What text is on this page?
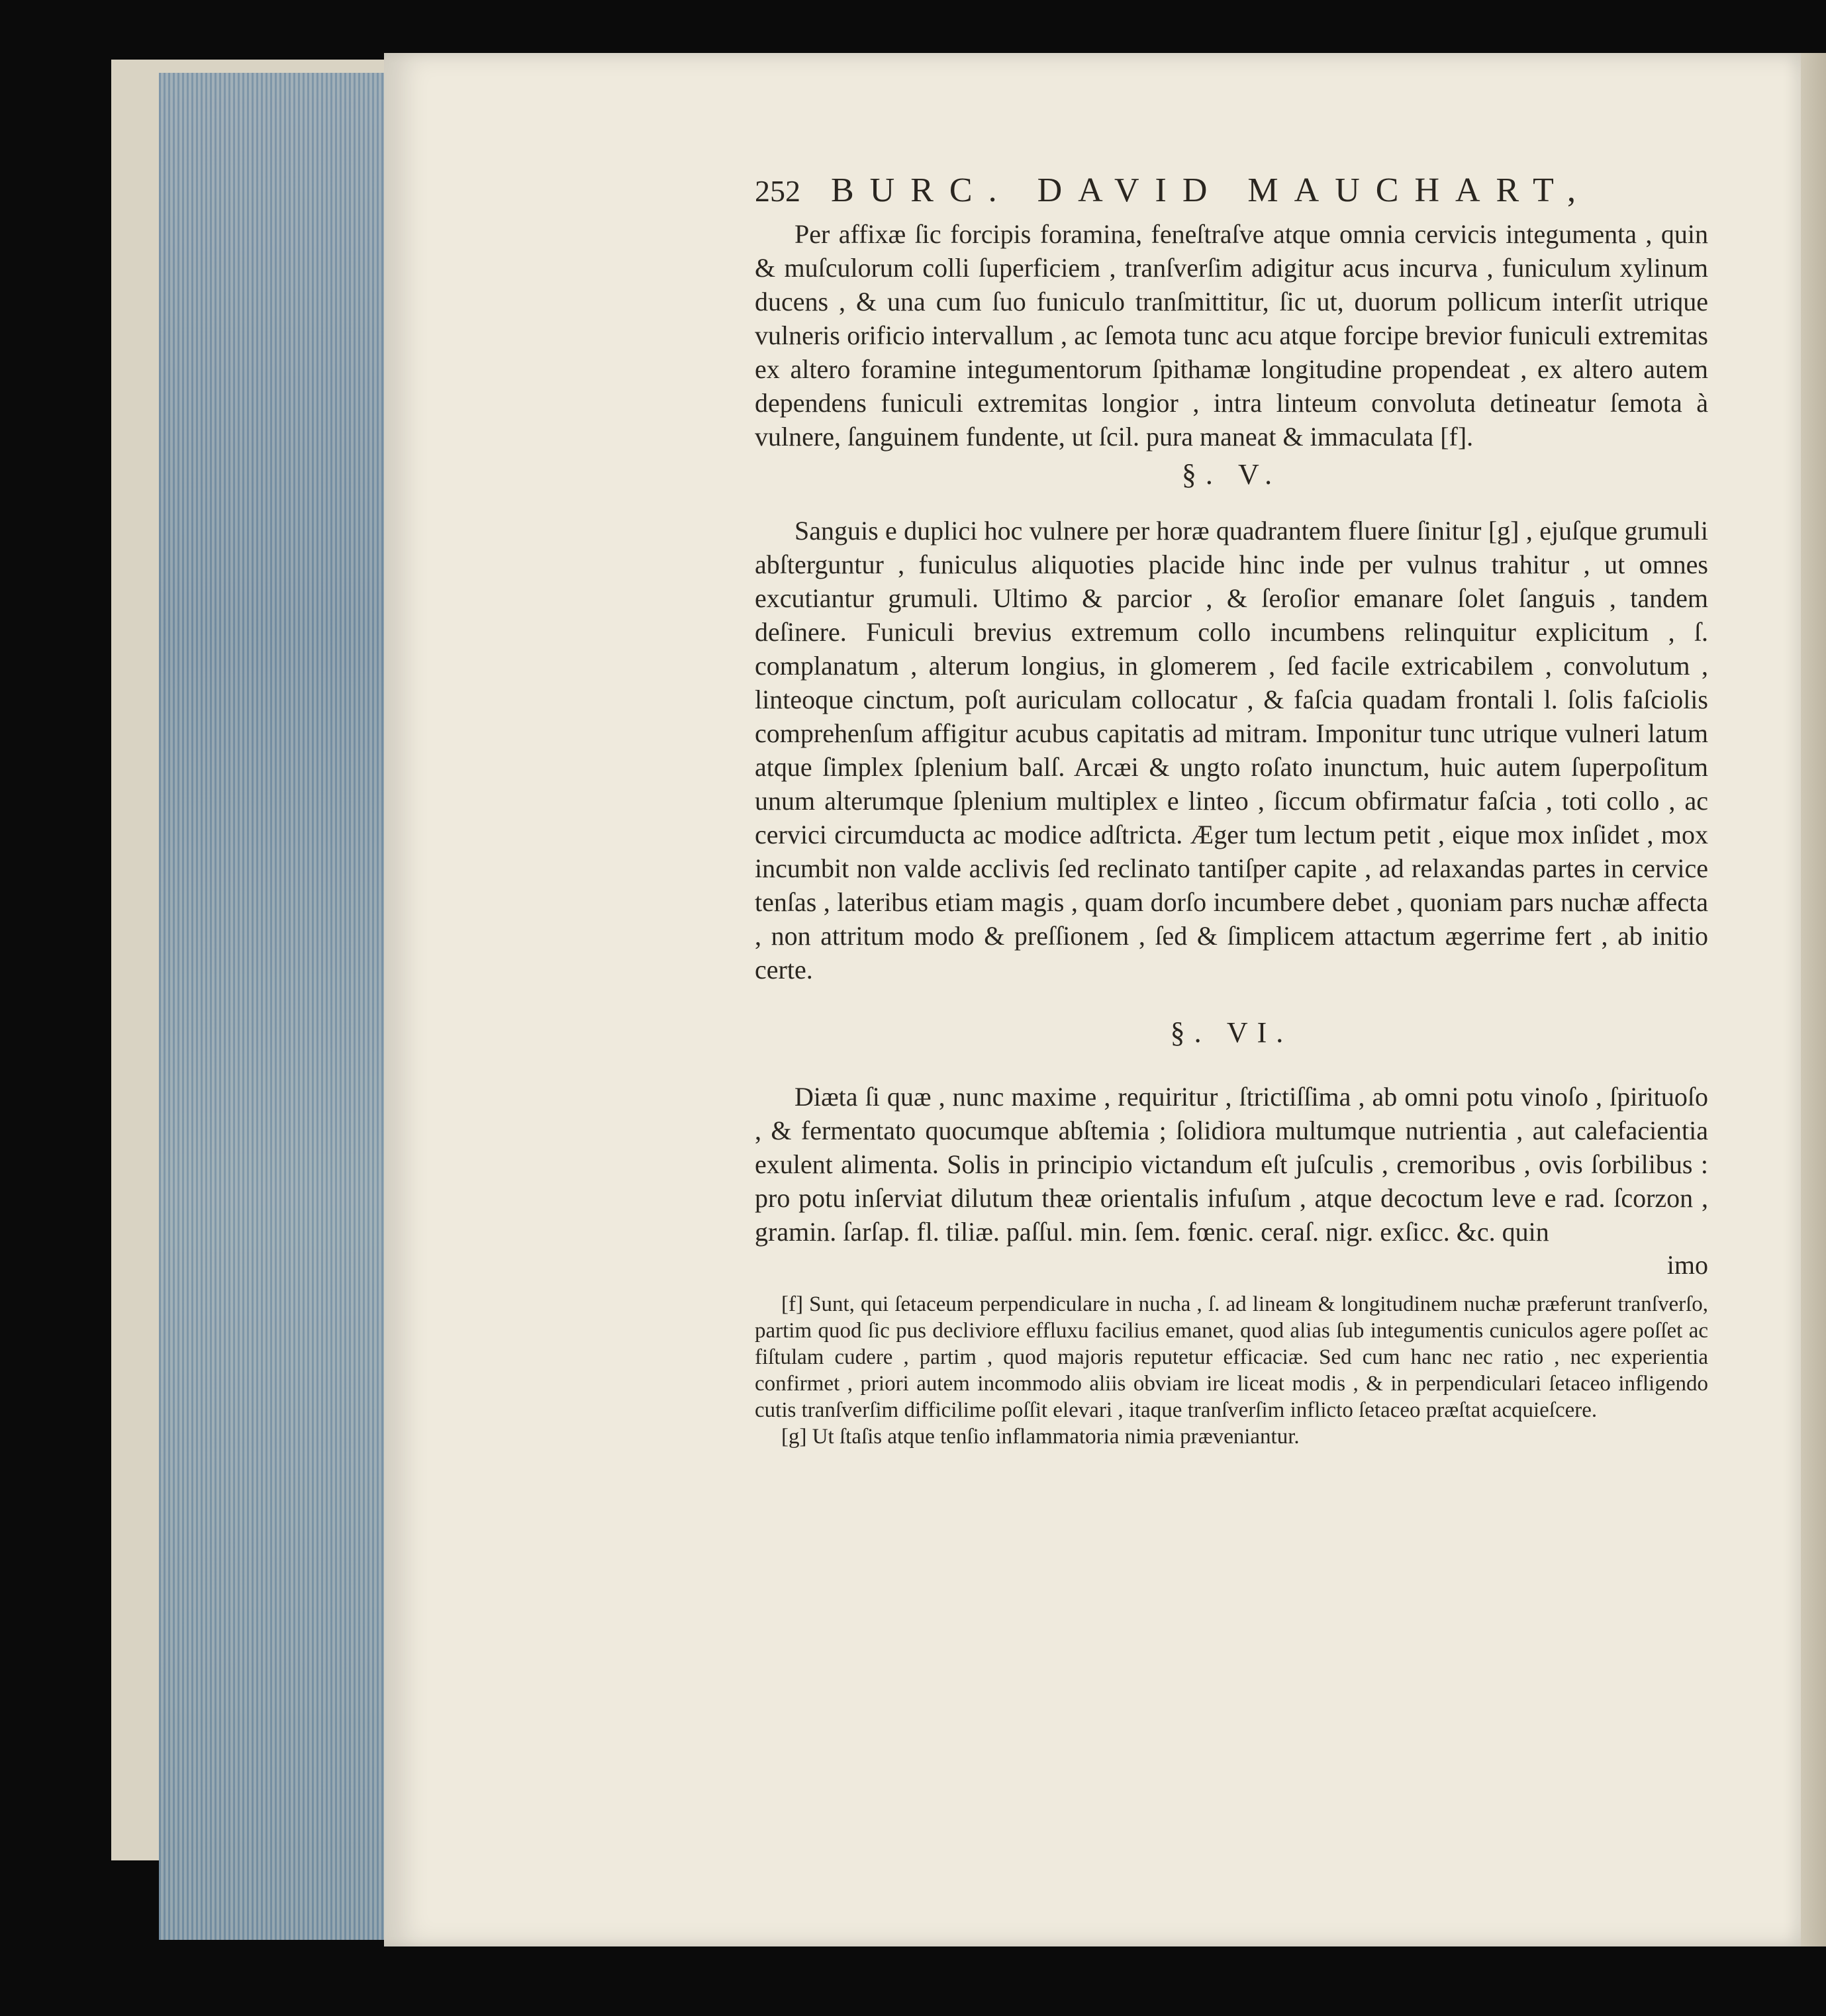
252 BURC. DAVID MAUCHART,

Per affixæ ſic forcipis foramina, feneſtraſve atque omnia cervicis integumenta , quin & muſculorum colli ſuperficiem , tranſverſim adigitur acus incurva , funiculum xylinum ducens , & una cum ſuo funiculo tranſmittitur, ſic ut, duorum pollicum interſit utrique vulneris orificio intervallum , ac ſemota tunc acu atque forcipe brevior funiculi extremitas ex altero foramine integumentorum ſpithamæ longitudine propendeat , ex altero autem dependens funiculi extremitas longior , intra linteum convoluta detineatur ſemota à vulnere, ſanguinem fundente, ut ſcil. pura maneat & immaculata [f].

§. V.

Sanguis e duplici hoc vulnere per horæ quadrantem fluere ſinitur [g] , ejuſque grumuli abſterguntur , funiculus aliquoties placide hinc inde per vulnus trahitur , ut omnes excutiantur grumuli. Ultimo & parcior , & ſeroſior emanare ſolet ſanguis , tandem deſinere. Funiculi brevius extremum collo incumbens relinquitur explicitum , ſ. complanatum , alterum longius, in glomerem , ſed facile extricabilem , convolutum , linteoque cinctum, poſt auriculam collocatur , & faſcia quadam frontali l. ſolis faſciolis comprehenſum affigitur acubus capitatis ad mitram. Imponitur tunc utrique vulneri latum atque ſimplex ſplenium balſ. Arcæi & ungto roſato inunctum, huic autem ſuperpoſitum unum alterumque ſplenium multiplex e linteo , ſiccum obfirmatur faſcia , toti collo , ac cervici circumducta ac modice adſtricta. Æger tum lectum petit , eique mox inſidet , mox incumbit non valde acclivis ſed reclinato tantiſper capite , ad relaxandas partes in cervice tenſas , lateribus etiam magis , quam dorſo incumbere debet , quoniam pars nuchæ affecta , non attritum modo & preſſionem , ſed & ſimplicem attactum ægerrime fert , ab initio certe.

§. VI.

Diæta ſi quæ , nunc maxime , requiritur , ſtrictiſſima , ab omni potu vinoſo , ſpirituoſo , & fermentato quocumque abſtemia ; ſolidiora multumque nutrientia , aut calefacientia exulent alimenta. Solis in principio victandum eſt juſculis , cremoribus , ovis ſorbilibus : pro potu inſerviat dilutum theæ orientalis infuſum , atque decoctum leve e rad. ſcorzon , gramin. ſarſap. fl. tiliæ. paſſul. min. ſem. fœnic. ceraſ. nigr. exſicc. &c. quin

imo

[f] Sunt, qui ſetaceum perpendiculare in nucha , ſ. ad lineam & longitudinem nuchæ præferunt tranſverſo, partim quod ſic pus decliviore effluxu facilius emanet, quod alias ſub integumentis cuniculos agere poſſet ac fiſtulam cudere , partim , quod majoris reputetur efficaciæ. Sed cum hanc nec ratio , nec experientia confirmet , priori autem incommodo aliis obviam ire liceat modis , & in perpendiculari ſetaceo infligendo cutis tranſverſim difficilime poſſit elevari , itaque tranſverſim inflicto ſetaceo præſtat acquieſcere.

[g] Ut ſtaſis atque tenſio inflammatoria nimia præveniantur.
